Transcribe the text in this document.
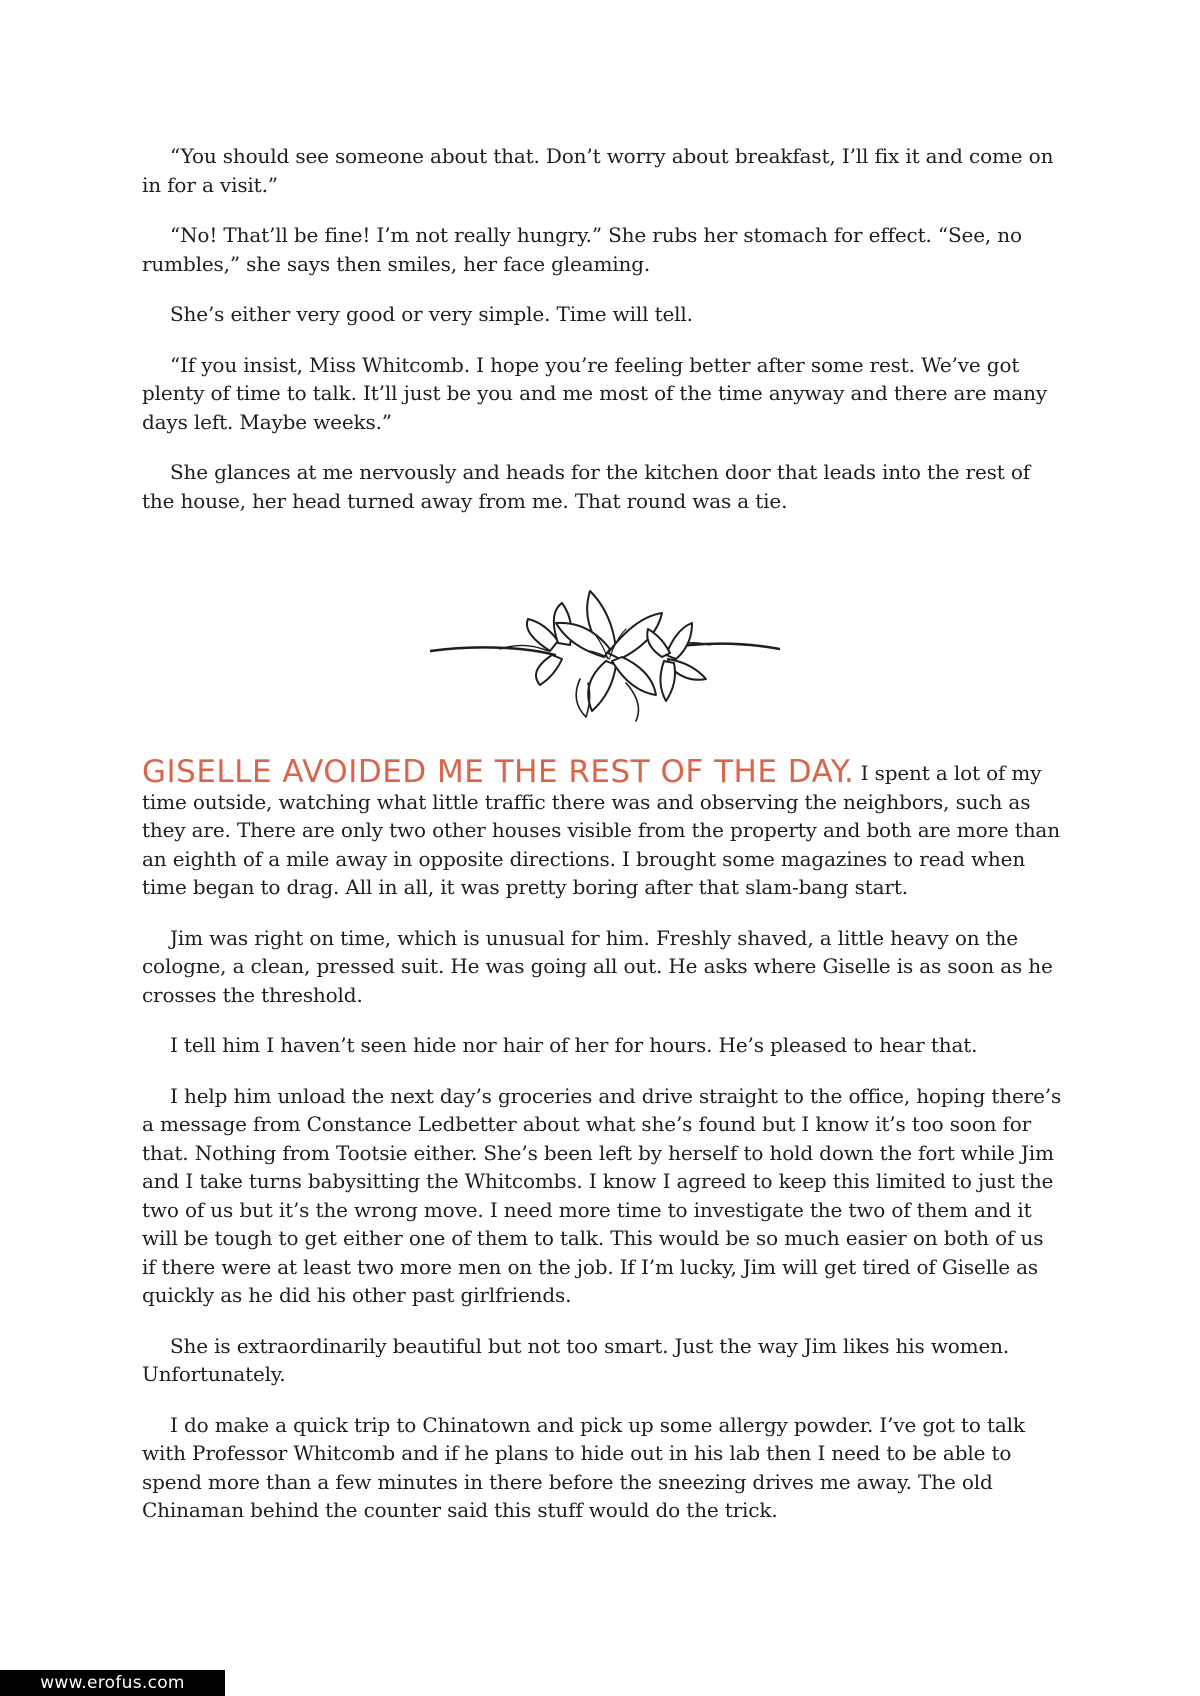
“You should see someone about that. Don’t worry about breakfast, I’ll fix it and come on in for a visit.”

“No! That’ll be fine! I’m not really hungry.” She rubs her stomach for effect. “See, no rumbles,” she says then smiles, her face gleaming.

She’s either very good or very simple. Time will tell.

“If you insist, Miss Whitcomb. I hope you’re feeling better after some rest. We’ve got plenty of time to talk. It’ll just be you and me most of the time anyway and there are many days left. Maybe weeks.”

She glances at me nervously and heads for the kitchen door that leads into the rest of the house, her head turned away from me. That round was a tie.

GISELLE AVOIDED ME THE REST OF THE DAY. I spent a lot of my time outside, watching what little traffic there was and observing the neighbors, such as they are. There are only two other houses visible from the property and both are more than an eighth of a mile away in opposite directions. I brought some magazines to read when time began to drag. All in all, it was pretty boring after that slam-bang start.

Jim was right on time, which is unusual for him. Freshly shaved, a little heavy on the cologne, a clean, pressed suit. He was going all out. He asks where Giselle is as soon as he crosses the threshold.

I tell him I haven’t seen hide nor hair of her for hours. He’s pleased to hear that.

I help him unload the next day’s groceries and drive straight to the office, hoping there’s a message from Constance Ledbetter about what she’s found but I know it’s too soon for that. Nothing from Tootsie either. She’s been left by herself to hold down the fort while Jim and I take turns babysitting the Whitcombs. I know I agreed to keep this limited to just the two of us but it’s the wrong move. I need more time to investigate the two of them and it will be tough to get either one of them to talk. This would be so much easier on both of us if there were at least two more men on the job. If I’m lucky, Jim will get tired of Giselle as quickly as he did his other past girlfriends.

She is extraordinarily beautiful but not too smart. Just the way Jim likes his women. Unfortunately.

I do make a quick trip to Chinatown and pick up some allergy powder. I’ve got to talk with Professor Whitcomb and if he plans to hide out in his lab then I need to be able to spend more than a few minutes in there before the sneezing drives me away. The old Chinaman behind the counter said this stuff would do the trick.

www.erofus.com
